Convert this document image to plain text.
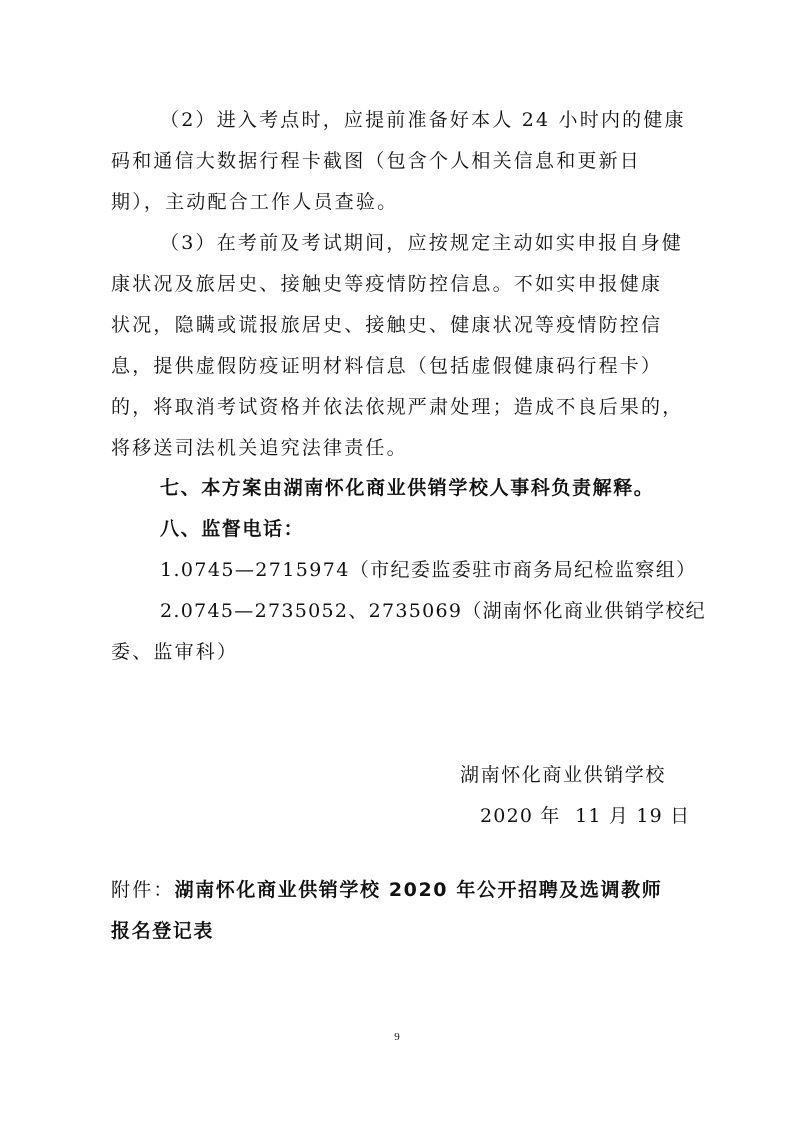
（2）进入考点时，应提前准备好本人 24 小时内的健康
码和通信大数据行程卡截图（包含个人相关信息和更新日
期），主动配合工作人员查验。
（3）在考前及考试期间，应按规定主动如实申报自身健
康状况及旅居史、接触史等疫情防控信息。不如实申报健康
状况，隐瞒或谎报旅居史、接触史、健康状况等疫情防控信
息，提供虚假防疫证明材料信息（包括虚假健康码行程卡）
的，将取消考试资格并依法依规严肃处理；造成不良后果的，
将移送司法机关追究法律责任。
七、本方案由湖南怀化商业供销学校人事科负责解释。
八、监督电话：
1.0745—2715974（市纪委监委驻市商务局纪检监察组）
2.0745—2735052、2735069（湖南怀化商业供销学校纪
委、监审科）
湖南怀化商业供销学校
2020 年  11 月 19 日
附件：湖南怀化商业供销学校 2020 年公开招聘及选调教师
报名登记表
9
